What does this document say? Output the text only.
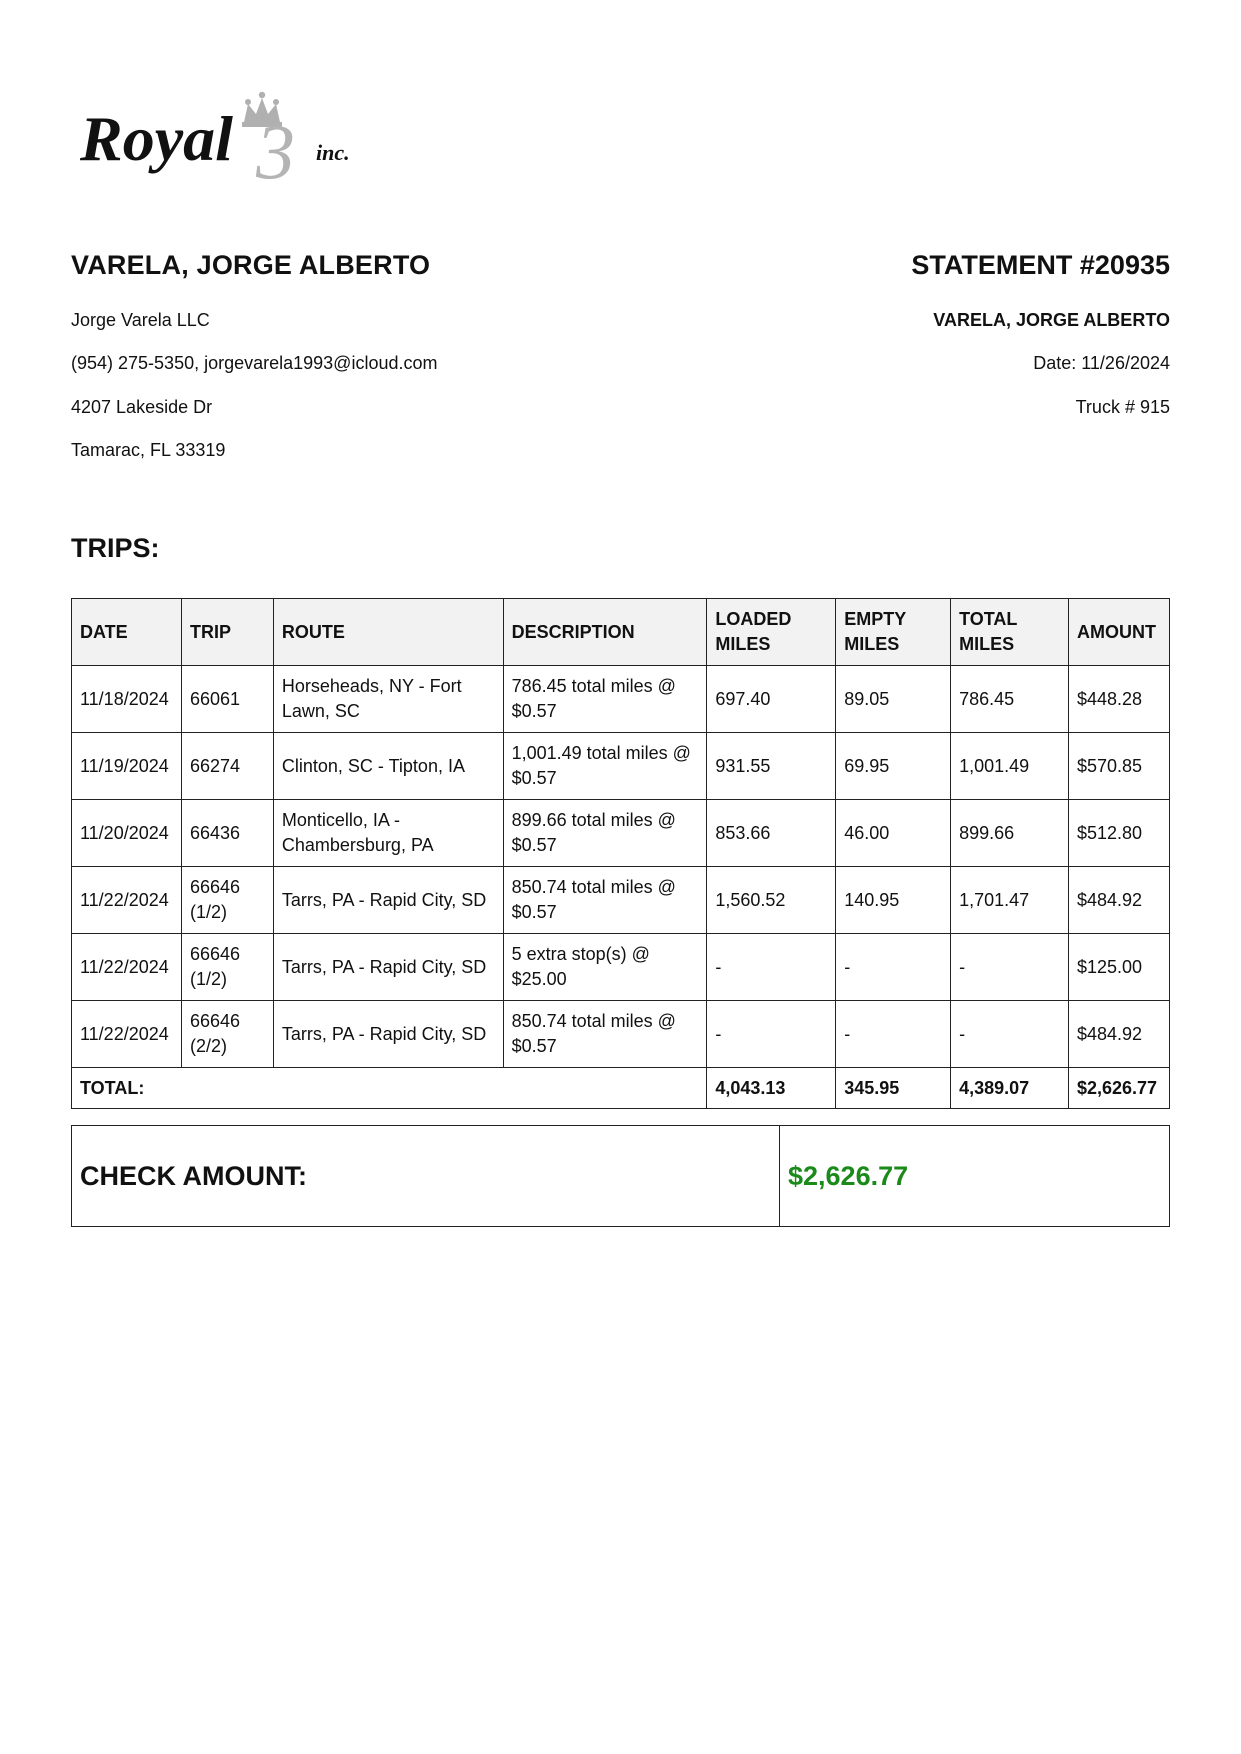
3
Royal	inc.
VARELA, JORGE ALBERTO
Jorge Varela LLC
(954) 275-5350, jorgevarela1993@icloud.com
4207 Lakeside Dr
Tamarac, FL 33319
STATEMENT #20935
VARELA, JORGE ALBERTO
Date: 11/26/2024
Truck # 915
TRIPS:
DATE	TRIP	ROUTE	DESCRIPTION	LOADED MILES	EMPTY MILES	TOTAL MILES	AMOUNT
11/18/2024	66061	Horseheads, NY - Fort Lawn, SC	786.45 total miles @ $0.57	697.40	89.05	786.45	$448.28
11/19/2024	66274	Clinton, SC - Tipton, IA	1,001.49 total miles @ $0.57	931.55	69.95	1,001.49	$570.85
11/20/2024	66436	Monticello, IA - Chambersburg, PA	899.66 total miles @ $0.57	853.66	46.00	899.66	$512.80
11/22/2024	66646 (1/2)	Tarrs, PA - Rapid City, SD	850.74 total miles @ $0.57	1,560.52	140.95	1,701.47	$484.92
11/22/2024	66646 (1/2)	Tarrs, PA - Rapid City, SD	5 extra stop(s) @ $25.00	-	-	-	$125.00
11/22/2024	66646 (2/2)	Tarrs, PA - Rapid City, SD	850.74 total miles @ $0.57	-	-	-	$484.92
TOTAL:				4,043.13	345.95	4,389.07	$2,626.77
CHECK AMOUNT:	$2,626.77
